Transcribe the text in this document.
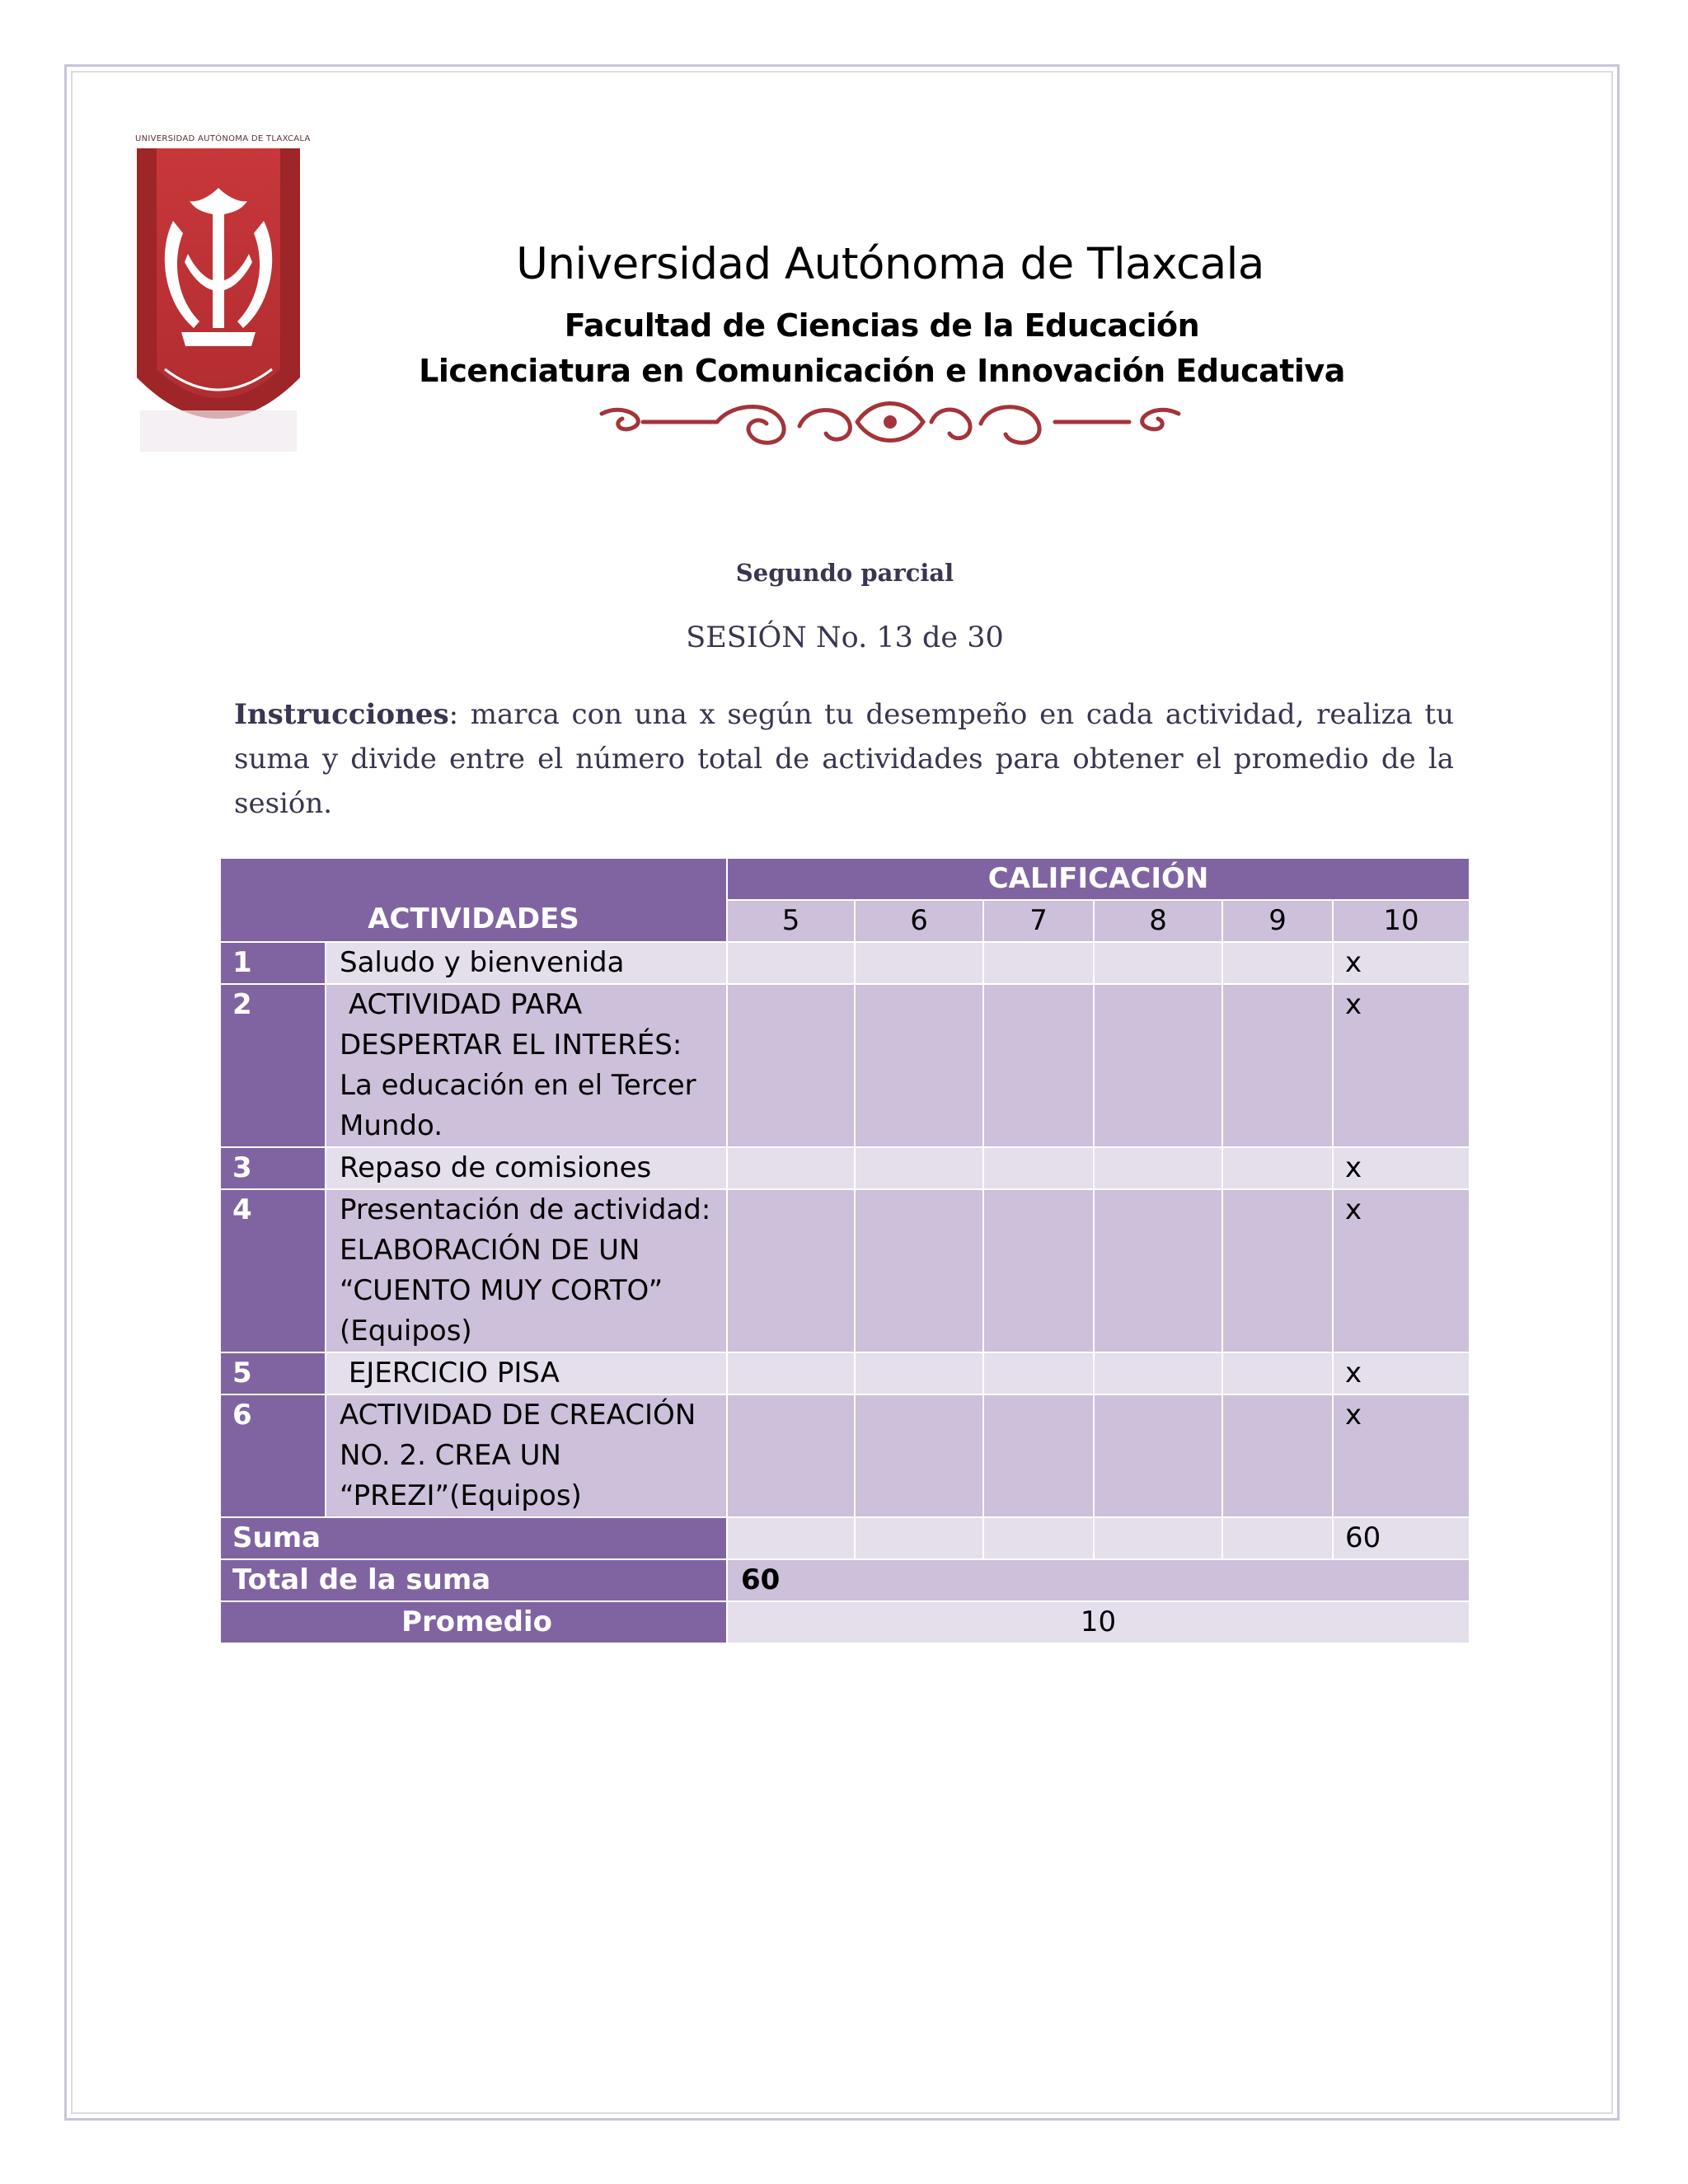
UNIVERSIDAD AUTÓNOMA DE TLAXCALA
Universidad Autónoma de Tlaxcala
Facultad de Ciencias de la Educación
Licenciatura en Comunicación e Innovación Educativa
Segundo parcial
SESIÓN No. 13 de 30
Instrucciones: marca con una x según tu desempeño en cada actividad, realiza tu suma y divide entre el número total de actividades para obtener el promedio de la sesión.
ACTIVIDADES		CALIFICACIÓN					
		5	6	7	8	9	10
1	Saludo y bienvenida						x
2	ACTIVIDAD PARA DESPERTAR EL INTERÉS: La educación en el Tercer Mundo.						x
3	Repaso de comisiones						x
4	Presentación de actividad: ELABORACIÓN DE UN “CUENTO MUY CORTO” (Equipos)						x
5	EJERCICIO PISA						x
6	ACTIVIDAD DE CREACIÓN NO. 2. CREA UN “PREZI”(Equipos)						x
Suma							60
Total de la suma		60					
Promedio		10					
